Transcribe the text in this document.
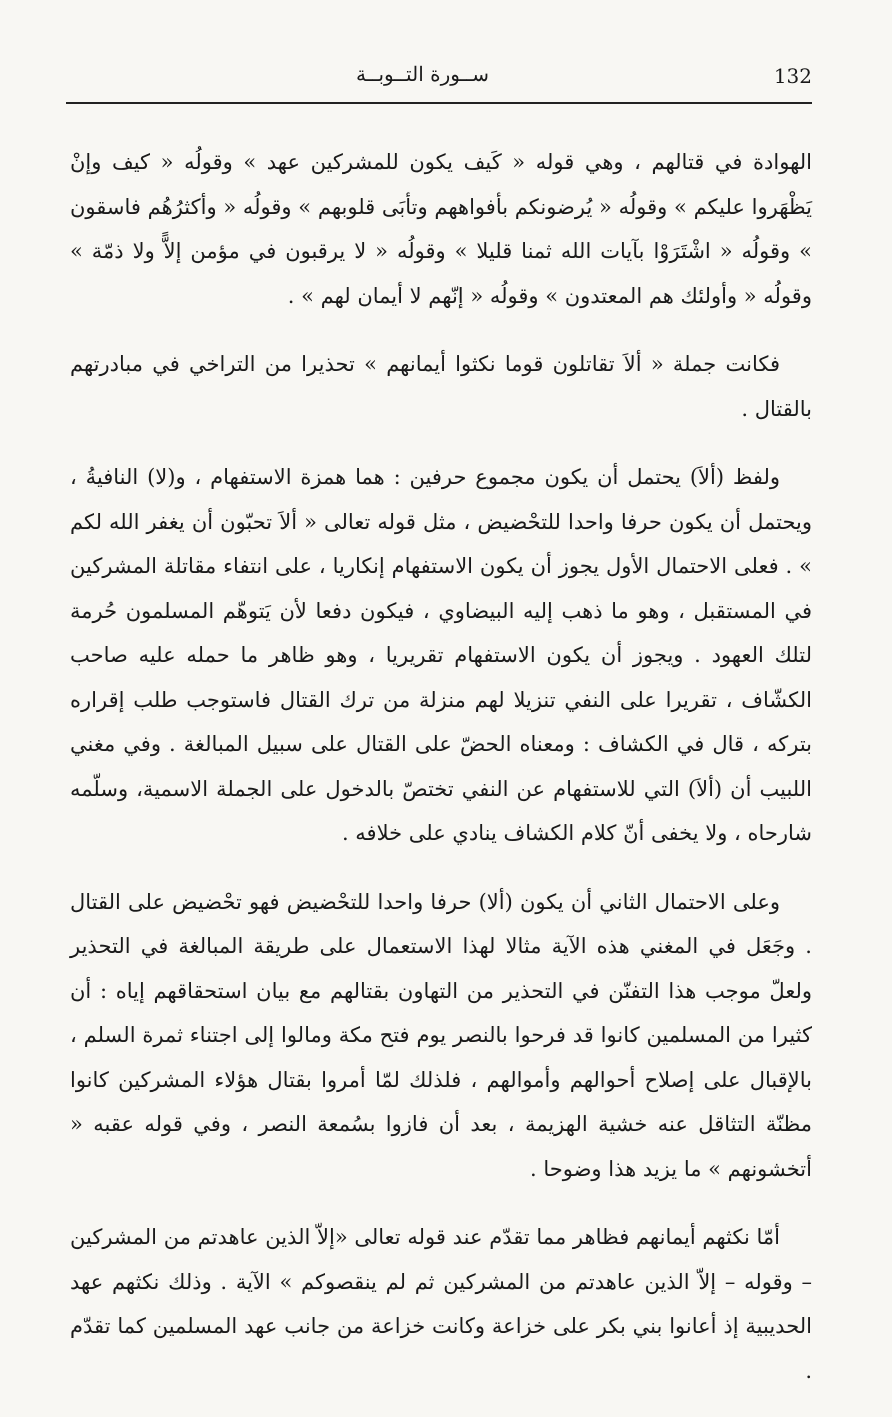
132
ســورة التــوبــة

الهوادة في قتالهم ، وهي قوله « كَيف يكون للمشركين عهد » وقولُه « كيف وإنْ يَظْهَروا عليكم » وقولُه « يُرضونكم بأفواههم وتأبَى قلوبهم » وقولُه « وأكثرُهُم فاسقون » وقولُه « اشْتَرَوْا بآيات الله ثمنا قليلا » وقولُه « لا يرقبون في مؤمن إلاًّ ولا ذمّة » وقولُه « وأولئك هم المعتدون » وقولُه « إنّهم لا أيمان لهم » .

فكانت جملة « ألاَ تقاتلون قوما نكثوا أيمانهم » تحذيرا من التراخي في مبادرتهم بالقتال .

ولفظ (ألاَ) يحتمل أن يكون مجموع حرفين : هما همزة الاستفهام ، و(لا) النافيةُ ، ويحتمل أن يكون حرفا واحدا للتحْضيض ، مثل قوله تعالى « ألاَ تحبّون أن يغفر الله لكم » . فعلى الاحتمال الأول يجوز أن يكون الاستفهام إنكاريا ، على انتفاء مقاتلة المشركين في المستقبل ، وهو ما ذهب إليه البيضاوي ، فيكون دفعا لأن يَتوهّم المسلمون حُرمة لتلك العهود . ويجوز أن يكون الاستفهام تقريريا ، وهو ظاهر ما حمله عليه صاحب الكشّاف ، تقريرا على النفي تنزيلا لهم منزلة من ترك القتال فاستوجب طلب إقراره بتركه ، قال في الكشاف : ومعناه الحضّ على القتال على سبيل المبالغة . وفي مغني اللبيب أن (ألاَ) التي للاستفهام عن النفي تختصّ بالدخول على الجملة الاسمية، وسلّمه شارحاه ، ولا يخفى أنّ كلام الكشاف ينادي على خلافه .

وعلى الاحتمال الثاني أن يكون (ألا) حرفا واحدا للتحْضيض فهو تحْضيض على القتال . وجَعَل في المغني هذه الآية مثالا لهذا الاستعمال على طريقة المبالغة في التحذير ولعلّ موجب هذا التفنّن في التحذير من التهاون بقتالهم مع بيان استحقاقهم إياه : أن كثيرا من المسلمين كانوا قد فرحوا بالنصر يوم فتح مكة ومالوا إلى اجتناء ثمرة السلم ، بالإقبال على إصلاح أحوالهم وأموالهم ، فلذلك لمّا أمروا بقتال هؤلاء المشركين كانوا مظنّة التثاقل عنه خشية الهزيمة ، بعد أن فازوا بسُمعة النصر ، وفي قوله عقبه « أتخشونهم » ما يزيد هذا وضوحا .

أمّا نكثهم أيمانهم فظاهر مما تقدّم عند قوله تعالى «إلاّ الذين عاهدتم من المشركين – وقوله – إلاّ الذين عاهدتم من المشركين ثم لم ينقصوكم » الآية . وذلك نكثهم عهد الحديبية إذ أعانوا بني بكر على خزاعة وكانت خزاعة من جانب عهد المسلمين كما تقدّم .
